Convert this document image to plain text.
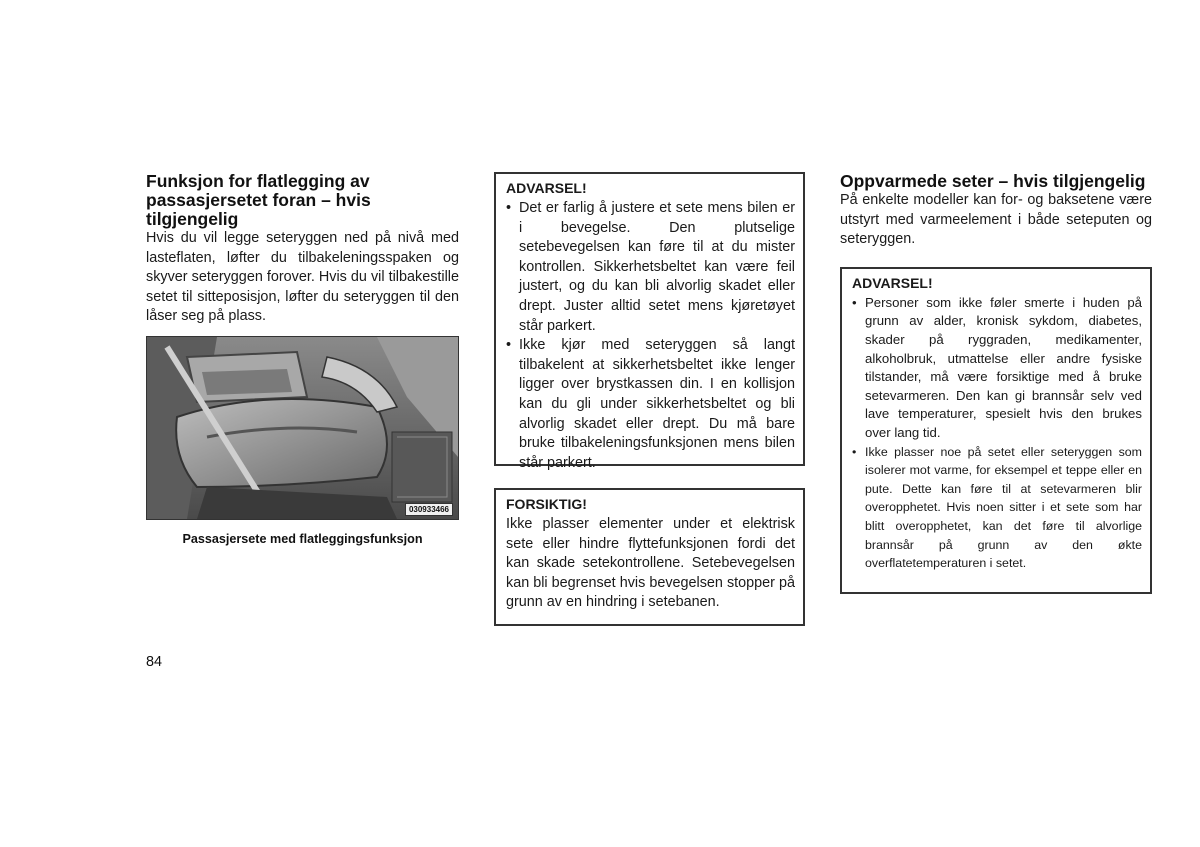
Funksjon for flatlegging av passasjersetet foran – hvis tilgjengelig

Hvis du vil legge seteryggen ned på nivå med lasteflaten, løfter du tilbakeleningsspaken og skyver seteryggen forover. Hvis du vil tilbakestille setet til sitteposisjon, løfter du seteryggen til den låser seg på plass.

030933466
Passasjersete med flatleggingsfunksjon
ADVARSEL!
• Det er farlig å justere et sete mens bilen er i bevegelse. Den plutselige setebevegelsen kan føre til at du mister kontrollen. Sikkerhetsbeltet kan være feil justert, og du kan bli alvorlig skadet eller drept. Juster alltid setet mens kjøretøyet står parkert.
• Ikke kjør med seteryggen så langt tilbakelent at sikkerhetsbeltet ikke lenger ligger over brystkassen din. I en kollisjon kan du gli under sikkerhetsbeltet og bli alvorlig skadet eller drept. Du må bare bruke tilbakeleningsfunksjonen mens bilen står parkert.
FORSIKTIG!

Ikke plasser elementer under et elektrisk sete eller hindre flyttefunksjonen fordi det kan skade setekontrollene. Setebevegelsen kan bli begrenset hvis bevegelsen stopper på grunn av en hindring i setebanen.

Oppvarmede seter – hvis tilgjengelig

På enkelte modeller kan for- og baksetene være utstyrt med varmeelement i både seteputen og seteryggen.

ADVARSEL!
• Personer som ikke føler smerte i huden på grunn av alder, kronisk sykdom, diabetes, skader på ryggraden, medikamenter, alkoholbruk, utmattelse eller andre fysiske tilstander, må være forsiktige med å bruke setevarmeren. Den kan gi brannsår selv ved lave temperaturer, spesielt hvis den brukes over lang tid.
• Ikke plasser noe på setet eller seteryggen som isolerer mot varme, for eksempel et teppe eller en pute. Dette kan føre til at setevarmeren blir overopphetet. Hvis noen sitter i et sete som har blitt overopphetet, kan det føre til alvorlige brannsår på grunn av den økte overflatetemperaturen i setet.
84
